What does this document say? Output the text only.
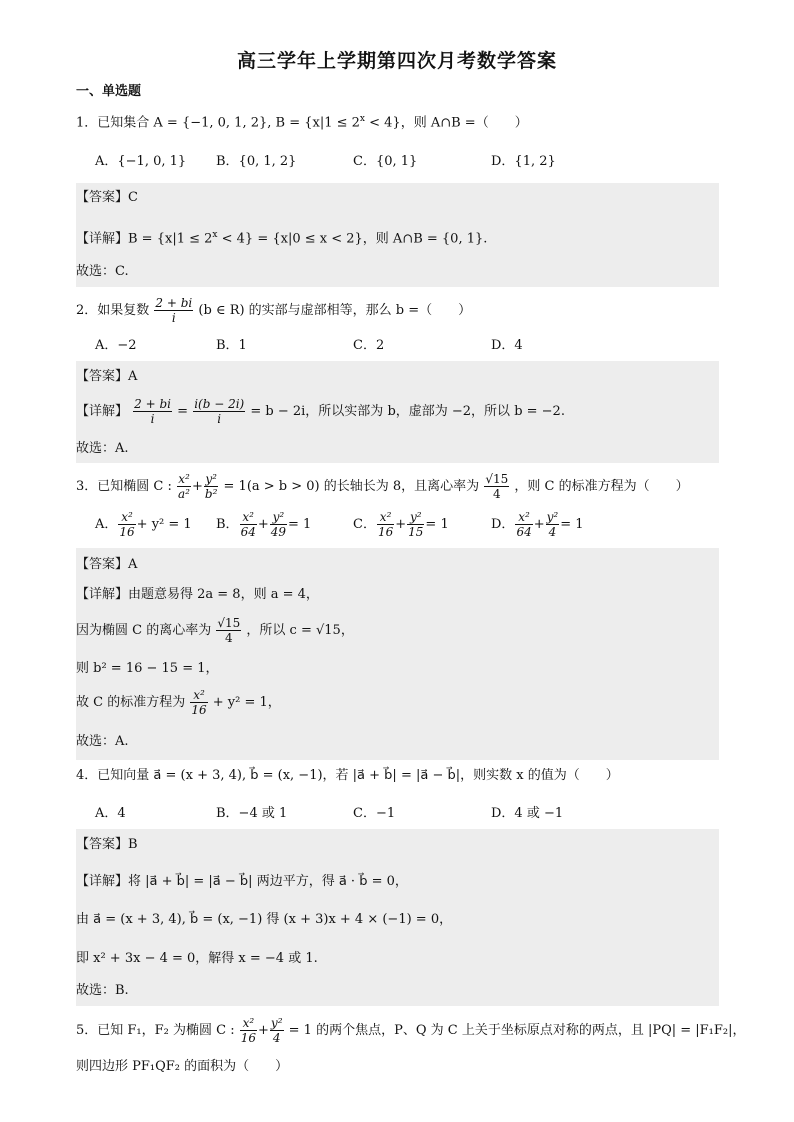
高三学年上学期第四次月考数学答案
一、单选题
1．已知集合 A = {−1, 0, 1, 2}, $B = \{x|1 \le 2^x < 4\}$，则 A∩B =（　　）
A．{−1, 0, 1} B．{0, 1, 2}	C．{0, 1}	D．{1, 2}
【答案】C
【详解】$B = \{x|1 \le 2^x < 4\} = \{x|0 \le x < 2\}$，则 A∩B = {0, 1}.
故选：C.
2．如果复数 $\frac{2 + bi}{i} (b$ ∈ R) 的实部与虚部相等，那么 b =（　　）
A．−2	B．1	C．2	D．4
【答案】A
【详解】 $\frac{2 + bi}{i} = \frac{i(b - 2i)}{i} = b - 2i$，所以实部为 b，虚部为 −2，所以 b = −2.
故选：A.
3．已知椭圆 C : $\frac{\text{x²}}{\text{a²}} + \frac{\text{y²}}{\text{b²}} = 1(a > b > 0)$ 的长轴长为 8，且离心率为 $\frac{√15}{4}$ ，则 C 的标准方程为（　　）
A． $\frac{\text{x²}}{16} + y^2 = 1$ B． $\frac{\text{x²}}{64} + \frac{\text{y²}}{49} = 1$	C． $\frac{\text{x²}}{16} + \frac{\text{y²}}{15} = 1$	D． $\frac{\text{x²}}{64} + \frac{\text{y²}}{4} = 1$
【答案】A
【详解】由题意易得 2a = 8，则 a = 4，
因为椭圆 C 的离心率为 $\frac{√15}{4}$ ，所以 c = √15，
则 b² = 16 − 15 = 1，
故 C 的标准方程为 $\frac{\text{x²}}{16} + y^2 = 1$，
故选：A.
4．已知向量 a⃗ = (x + 3, 4), b⃗ = (x, −1)，若 |a⃗ + b⃗| = |a⃗ − b⃗|，则实数 x 的值为（　　）
A．4	B．−4 或 1	C．−1	D．4 或 −1
【答案】B
【详解】将 |a⃗ + b⃗| = |a⃗ − b⃗| 两边平方，得 a⃗ · b⃗ = 0，
由 a⃗ = (x + 3, 4), b⃗ = (x, −1) 得 (x + 3)x + 4 × (−1) = 0，
即 x² + 3x − 4 = 0，解得 x = −4 或 1.
故选：B.
5．已知 F₁，F₂ 为椭圆 C : $\frac{\text{x²}}{16} + \frac{\text{y²}}{4} = 1$ 的两个焦点，P、Q 为 C 上关于坐标原点对称的两点，且 |PQ| = |F₁F₂|，
则四边形 PF₁QF₂ 的面积为（　　）
